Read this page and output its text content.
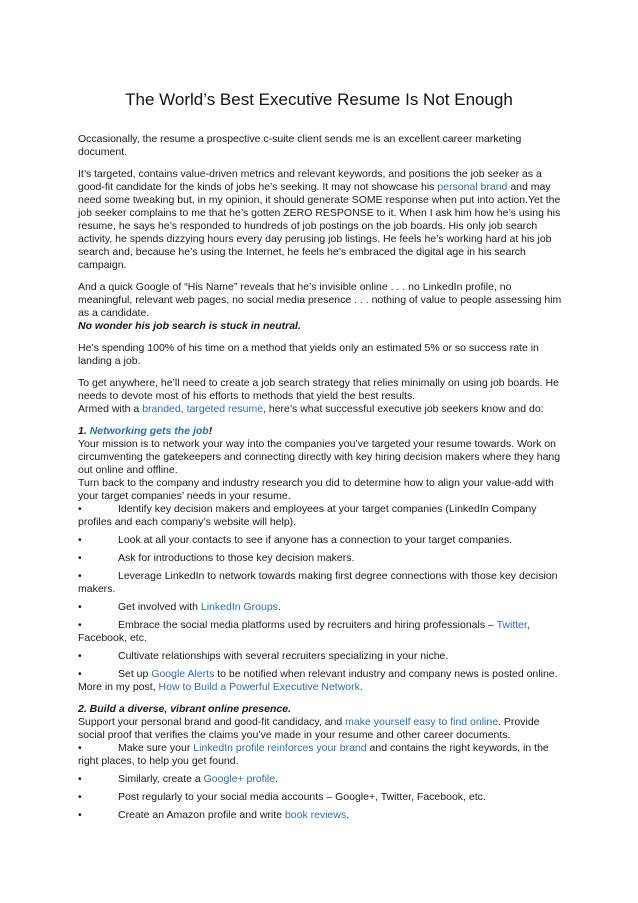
The World’s Best Executive Resume Is Not Enough

Occasionally, the resume a prospective c-suite client sends me is an excellent career marketing document.

It’s targeted, contains value-driven metrics and relevant keywords, and positions the job seeker as a good-fit candidate for the kinds of jobs he’s seeking. It may not showcase his personal brand and may need some tweaking but, in my opinion, it should generate SOME response when put into action.Yet the job seeker complains to me that he’s gotten ZERO RESPONSE to it. When I ask him how he’s using his resume, he says he’s responded to hundreds of job postings on the job boards. His only job search activity, he spends dizzying hours every day perusing job listings. He feels he’s working hard at his job search and, because he’s using the Internet, he feels he’s embraced the digital age in his search campaign.

And a quick Google of “His Name” reveals that he’s invisible online . . . no LinkedIn profile, no meaningful, relevant web pages, no social media presence . . . nothing of value to people assessing him as a candidate.

No wonder his job search is stuck in neutral.

He’s spending 100% of his time on a method that yields only an estimated 5% or so success rate in landing a job.

To get anywhere, he’ll need to create a job search strategy that relies minimally on using job boards. He needs to devote most of his efforts to methods that yield the best results.

Armed with a branded, targeted resume, here’s what successful executive job seekers know and do:

1. Networking gets the job!

Your mission is to network your way into the companies you’ve targeted your resume towards. Work on circumventing the gatekeepers and connecting directly with key hiring decision makers where they hang out online and offline.

Turn back to the company and industry research you did to determine how to align your value-add with your target companies’ needs in your resume.

•	Identify key decision makers and employees at your target companies (LinkedIn Company profiles and each company’s website will help).

•	Look at all your contacts to see if anyone has a connection to your target companies.

•	Ask for introductions to those key decision makers.

•	Leverage LinkedIn to network towards making first degree connections with those key decision makers.

•	Get involved with LinkedIn Groups.

•	Embrace the social media platforms used by recruiters and hiring professionals – Twitter, Facebook, etc.

•	Cultivate relationships with several recruiters specializing in your niche.

•	Set up Google Alerts to be notified when relevant industry and company news is posted online.

More in my post, How to Build a Powerful Executive Network.

2. Build a diverse, vibrant online presence.

Support your personal brand and good-fit candidacy, and make yourself easy to find online. Provide social proof that verifies the claims you’ve made in your resume and other career documents.

•	Make sure your LinkedIn profile reinforces your brand and contains the right keywords, in the right places, to help you get found.

•	Similarly, create a Google+ profile.

•	Post regularly to your social media accounts – Google+, Twitter, Facebook, etc.

•	Create an Amazon profile and write book reviews.
